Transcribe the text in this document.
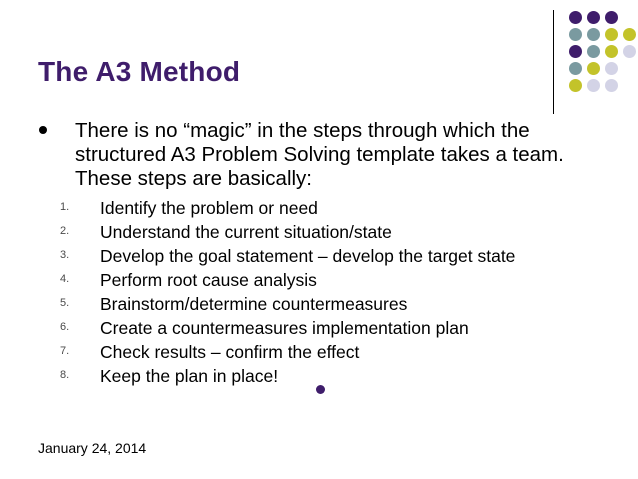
The A3 Method

There is no “magic” in the steps through which the structured A3 Problem Solving template takes a team. These steps are basically:

1. Identify the problem or need
2. Understand the current situation/state
3. Develop the goal statement – develop the target state
4. Perform root cause analysis
5. Brainstorm/determine countermeasures
6. Create a countermeasures implementation plan
7. Check results – confirm the effect
8. Keep the plan in place!
January 24, 2014
